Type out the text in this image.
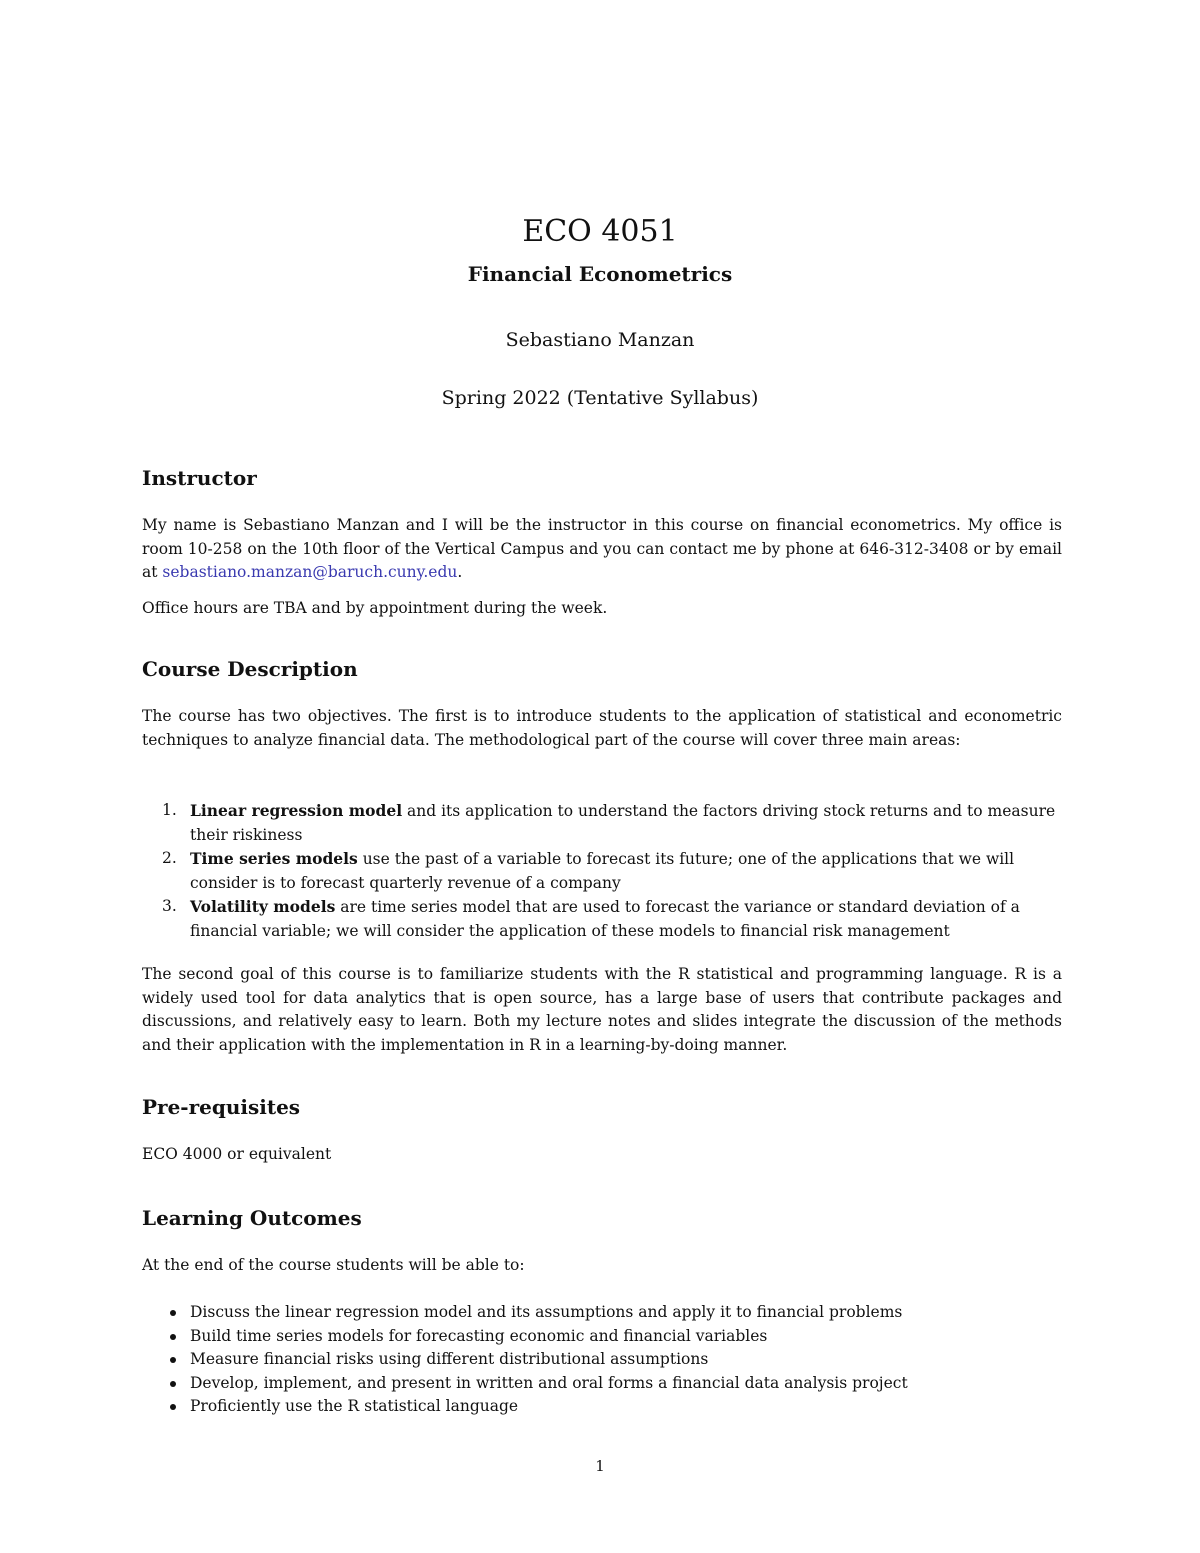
ECO 4051
Financial Econometrics
Sebastiano Manzan
Spring 2022 (Tentative Syllabus)
Instructor
My name is Sebastiano Manzan and I will be the instructor in this course on financial econometrics. My office is room 10-258 on the 10th floor of the Vertical Campus and you can contact me by phone at 646-312-3408 or by email at sebastiano.manzan@baruch.cuny.edu.
Office hours are TBA and by appointment during the week.
Course Description
The course has two objectives. The first is to introduce students to the application of statistical and econometric techniques to analyze financial data. The methodological part of the course will cover three main areas:
1. Linear regression model and its application to understand the factors driving stock returns and to measure their riskiness
2. Time series models use the past of a variable to forecast its future; one of the applications that we will consider is to forecast quarterly revenue of a company
3. Volatility models are time series model that are used to forecast the variance or standard deviation of a financial variable; we will consider the application of these models to financial risk management
The second goal of this course is to familiarize students with the R statistical and programming language. R is a widely used tool for data analytics that is open source, has a large base of users that contribute packages and discussions, and relatively easy to learn. Both my lecture notes and slides integrate the discussion of the methods and their application with the implementation in R in a learning-by-doing manner.
Pre-requisites
ECO 4000 or equivalent
Learning Outcomes
At the end of the course students will be able to:
Discuss the linear regression model and its assumptions and apply it to financial problems
Build time series models for forecasting economic and financial variables
Measure financial risks using different distributional assumptions
Develop, implement, and present in written and oral forms a financial data analysis project
Proficiently use the R statistical language
1
